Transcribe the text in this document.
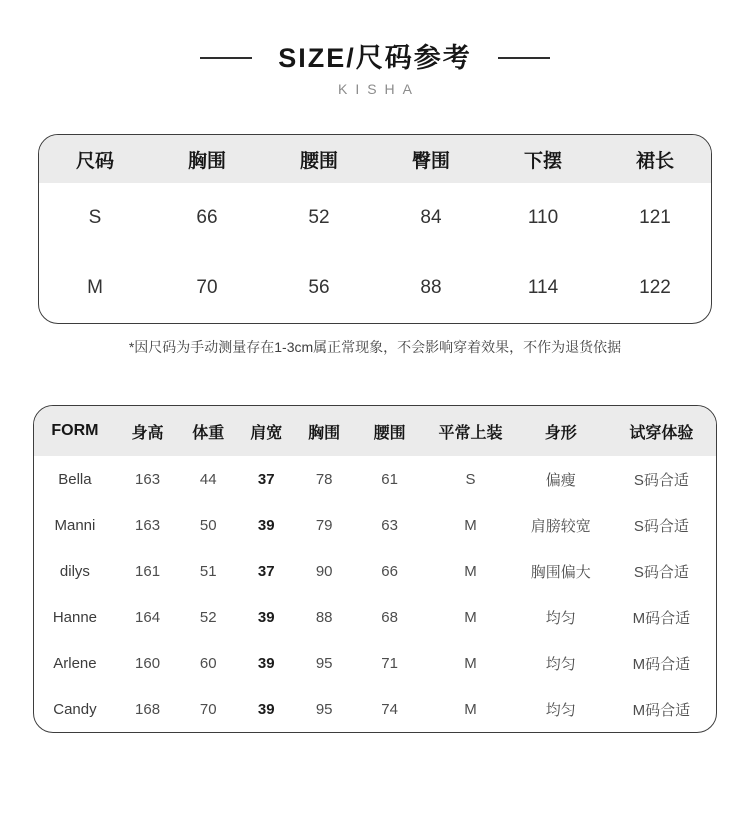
SIZE/尺码参考
KISHA
尺码	胸围	腰围	臀围	下摆	裙长
S	66	52	84	110	121
M	70	56	88	114	122

*因尺码为手动测量存在1-3cm属正常现象，不会影响穿着效果，不作为退货依据

FORM	身高	体重	肩宽	胸围	腰围	平常上装	身形	试穿体验
Bella	163	44	37	78	61	S	偏瘦	S码合适
Manni	163	50	39	79	63	M	肩膀较宽	S码合适
dilys	161	51	37	90	66	M	胸围偏大	S码合适
Hanne	164	52	39	88	68	M	均匀	M码合适
Arlene	160	60	39	95	71	M	均匀	M码合适
Candy	168	70	39	95	74	M	均匀	M码合适
